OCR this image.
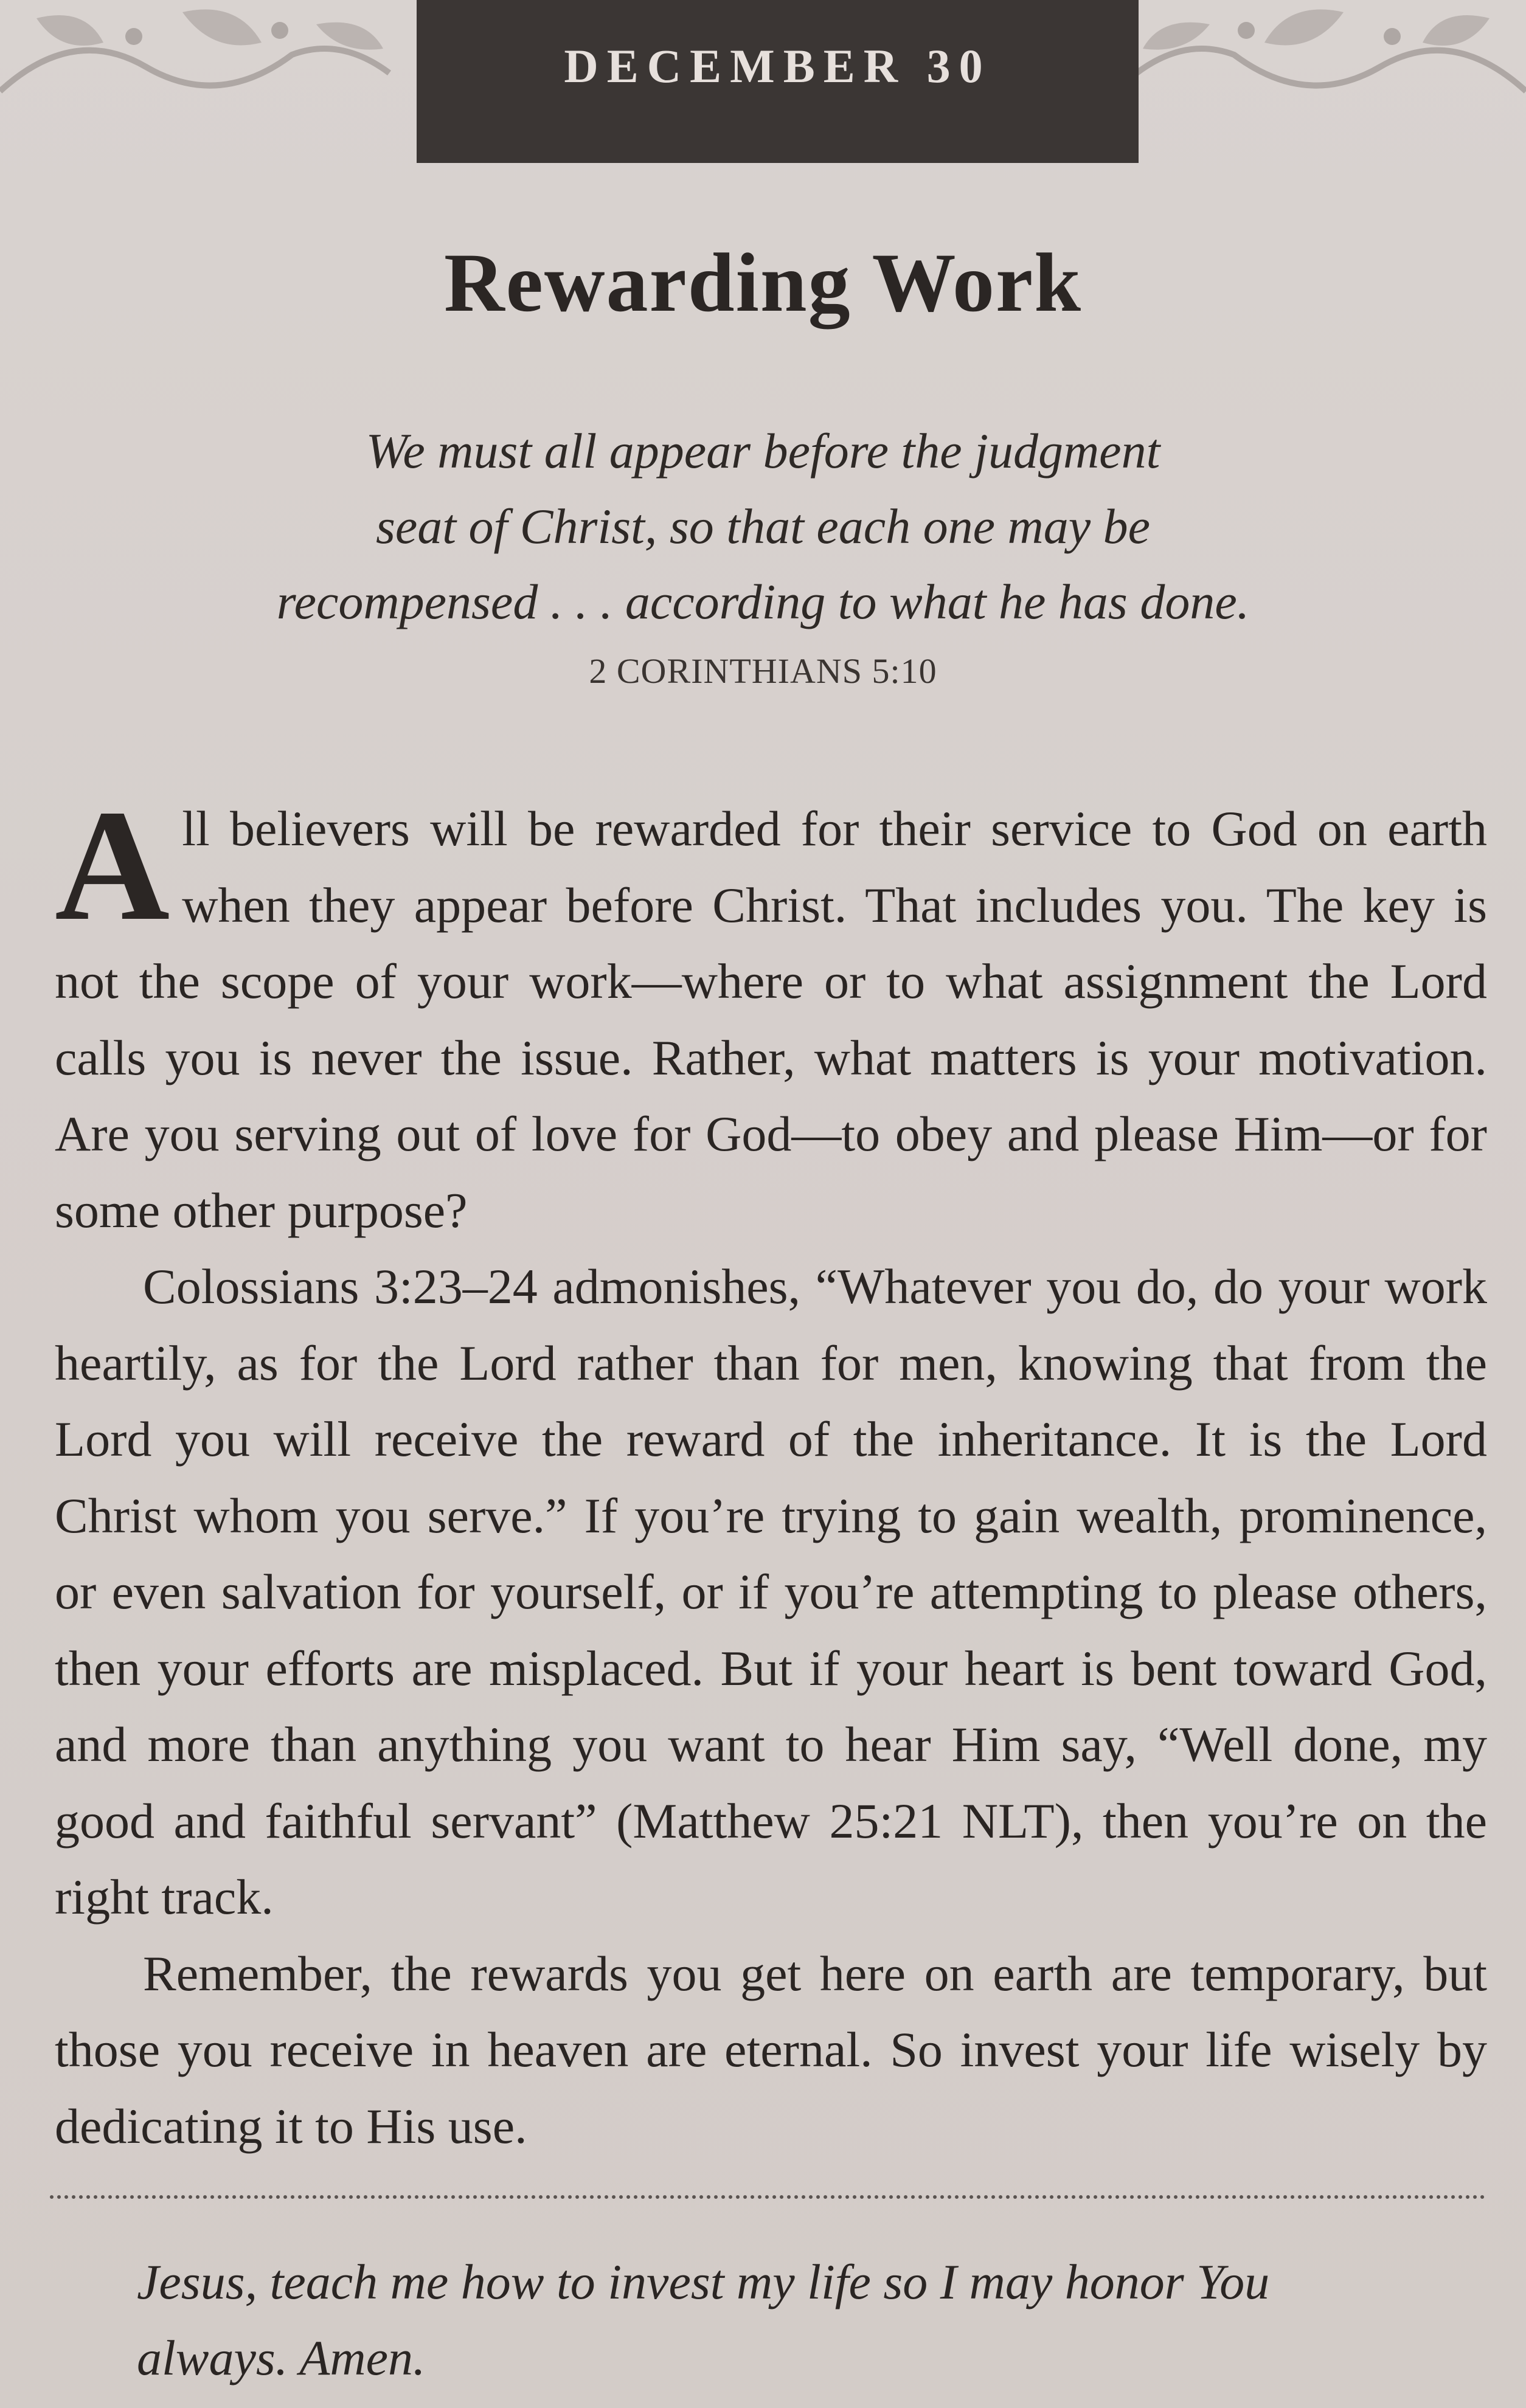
DECEMBER 30
Rewarding Work
We must all appear before the judgment
seat of Christ, so that each one may be
recompensed . . . according to what he has done.
2 CORINTHIANS 5:10

All believers will be rewarded for their service to God on earth when they appear before Christ. That includes you. The key is not the scope of your work—where or to what assignment the Lord calls you is never the issue. Rather, what matters is your motivation. Are you serving out of love for God—to obey and please Him—or for some other purpose?

Colossians 3:23–24 admonishes, “Whatever you do, do your work heartily, as for the Lord rather than for men, knowing that from the Lord you will receive the reward of the inheritance. It is the Lord Christ whom you serve.” If you’re trying to gain wealth, prominence, or even salvation for yourself, or if you’re attempting to please others, then your efforts are misplaced. But if your heart is bent toward God, and more than anything you want to hear Him say, “Well done, my good and faithful servant” (Matthew 25:21 NLT), then you’re on the right track.

Remember, the rewards you get here on earth are temporary, but those you receive in heaven are eternal. So invest your life wisely by dedicating it to His use.

Jesus, teach me how to invest my life so I may honor You always. Amen.
